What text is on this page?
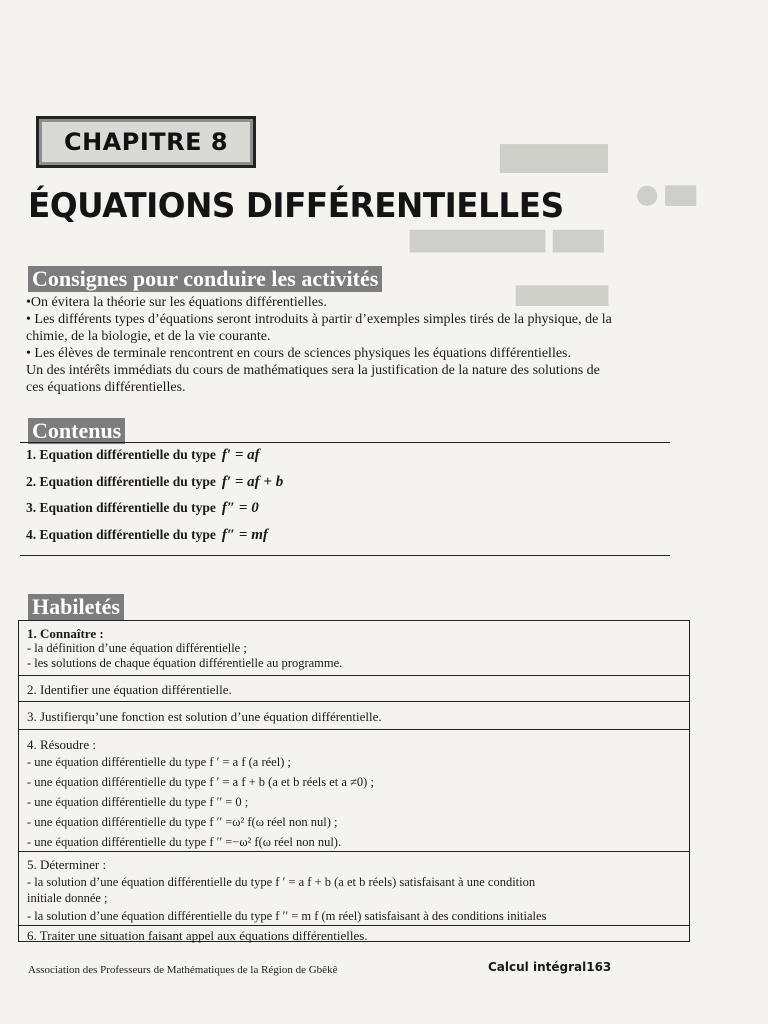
▇▇▇▇▇
⬤ ▇▇
▇▇▇▇▇▇▇▇ ▇▇▇
▇▇▇▇▇▇
CHAPITRE 8
ÉQUATIONS DIFFÉRENTIELLES
Consignes pour conduire les activités

•On évitera la théorie sur les équations différentielles.

• Les différents types d’équations seront introduits à partir d’exemples simples tirés de la physique, de la

chimie, de la biologie, et de la vie courante.

• Les élèves de terminale rencontrent en cours de sciences physiques les équations différentielles.

Un des intérêts immédiats du cours de mathématiques sera la justification de la nature des solutions de

ces équations différentielles.

Contenus
1. Equation différentielle du type f′ = af
2. Equation différentielle du type f′ = af + b
3. Equation différentielle du type f″ = 0
4. Equation différentielle du type f″ = mf
Habiletés
1. Connaître :
- la définition d’une équation différentielle ;
- les solutions de chaque équation différentielle au programme.
2. Identifier une équation différentielle.
3. Justifierqu’une fonction est solution d’une équation différentielle.
4. Résoudre :
- une équation différentielle du type f ′ = a f (a réel) ;
- une équation différentielle du type f ′ = a f + b (a et b réels et a ≠0) ;
- une équation différentielle du type f ′′ = 0 ;
- une équation différentielle du type f ′′ =ω² f(ω réel non nul) ;
- une équation différentielle du type f ′′ =−ω² f(ω réel non nul).
5. Déterminer :
- la solution d’une équation différentielle du type f ′ = a f + b (a et b réels) satisfaisant à une condition
initiale donnée ;
- la solution d’une équation différentielle du type f ′′ = m f (m réel) satisfaisant à des conditions initiales
6. Traiter une situation faisant appel aux équations différentielles.
Association des Professeurs de Mathématiques de la Région de Gbêkê	Calcul intégral163
